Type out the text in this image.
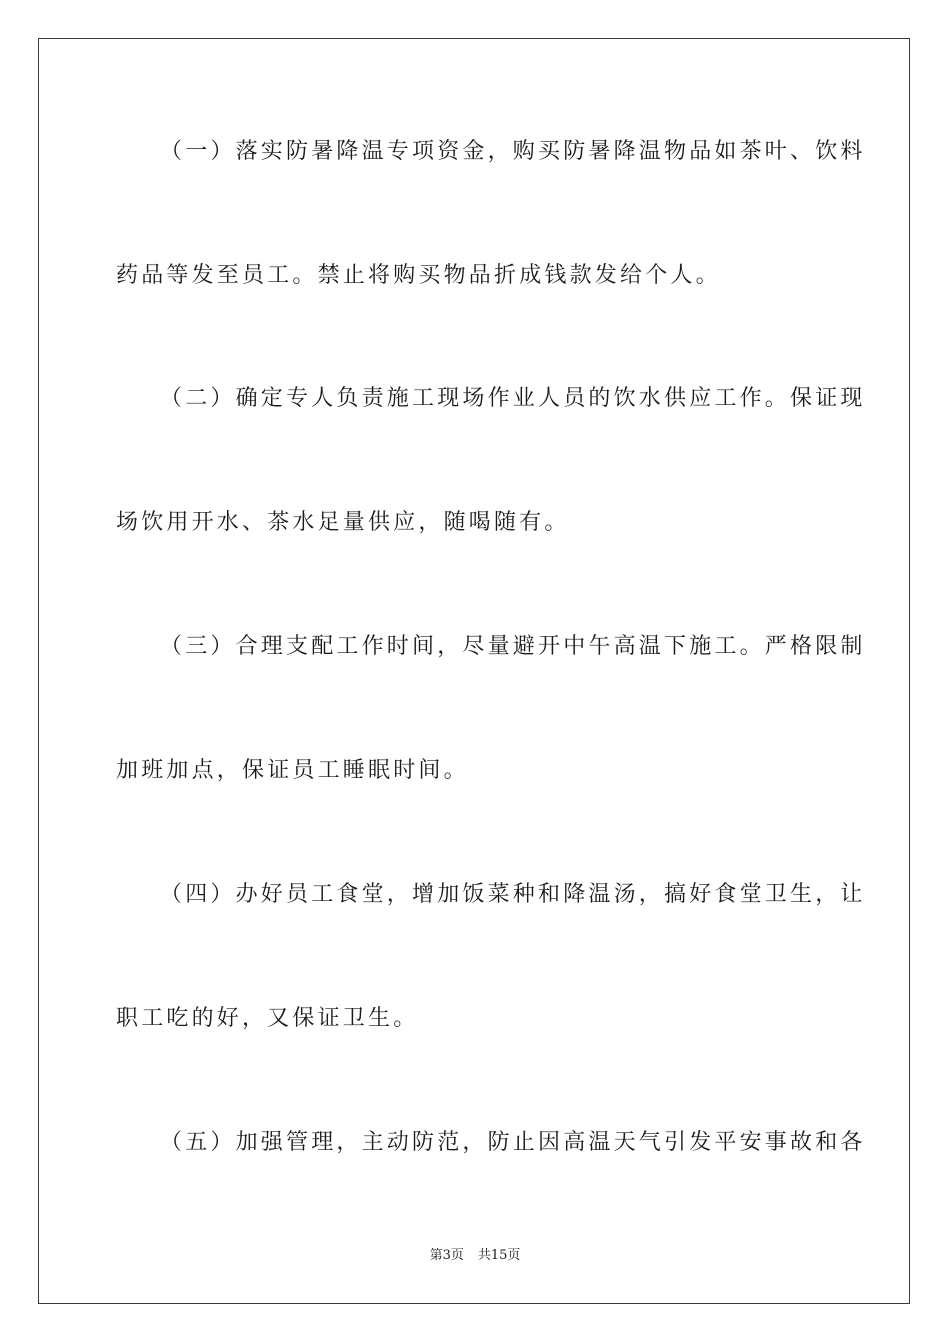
（一）落实防暑降温专项资金，购买防暑降温物品如茶叶、饮料
药品等发至员工。禁止将购买物品折成钱款发给个人。
（二）确定专人负责施工现场作业人员的饮水供应工作。保证现
场饮用开水、茶水足量供应，随喝随有。
（三）合理支配工作时间，尽量避开中午高温下施工。严格限制
加班加点，保证员工睡眠时间。
（四）办好员工食堂，增加饭菜种和降温汤，搞好食堂卫生，让
职工吃的好，又保证卫生。
（五）加强管理，主动防范，防止因高温天气引发平安事故和各
第3页 共15页
